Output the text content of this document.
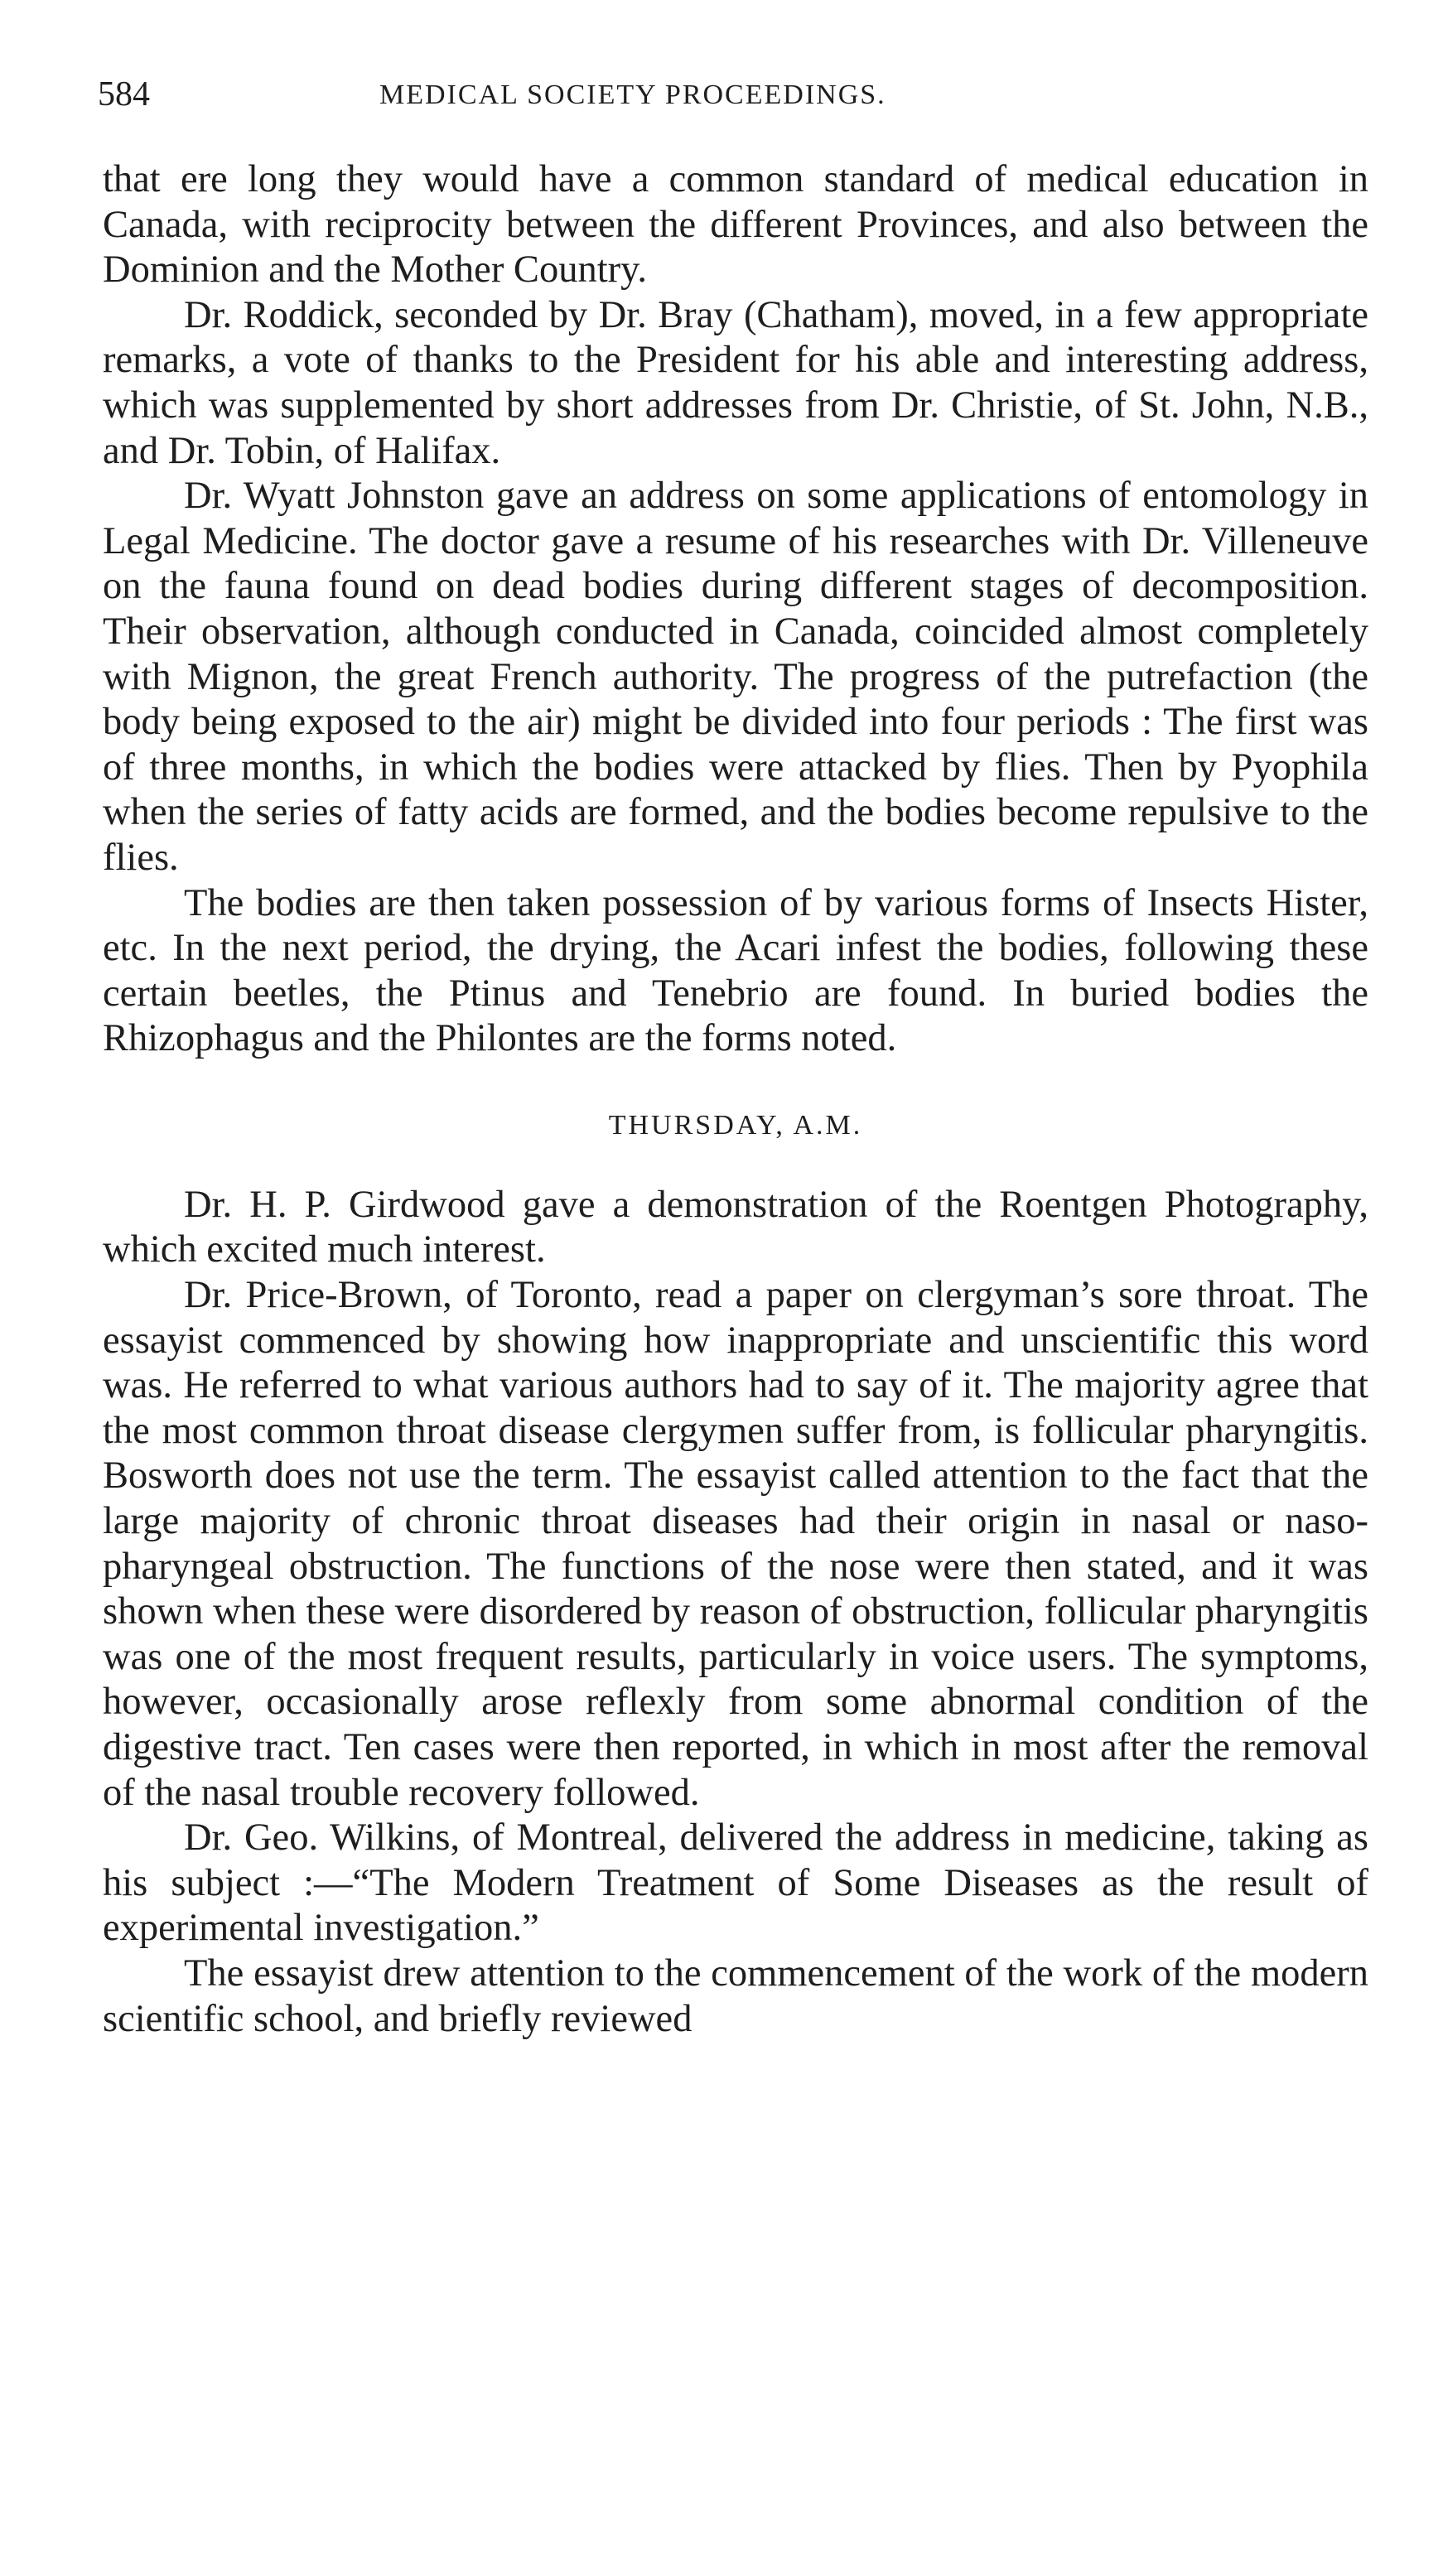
584	MEDICAL SOCIETY PROCEEDINGS.

that ere long they would have a common standard of medical education in Canada, with reciprocity between the different Provinces, and also between the Dominion and the Mother Country.

Dr. Roddick, seconded by Dr. Bray (Chatham), moved, in a few appropriate remarks, a vote of thanks to the President for his able and interesting address, which was supplemented by short addresses from Dr. Christie, of St. John, N.B., and Dr. Tobin, of Halifax.

Dr. Wyatt Johnston gave an address on some applications of entomology in Legal Medicine. The doctor gave a resume of his researches with Dr. Villeneuve on the fauna found on dead bodies during different stages of decomposition. Their observation, although conducted in Canada, coincided almost completely with Mignon, the great French authority. The progress of the putrefaction (the body being exposed to the air) might be divided into four periods : The first was of three months, in which the bodies were attacked by flies. Then by Pyophila when the series of fatty acids are formed, and the bodies become repulsive to the flies.

The bodies are then taken possession of by various forms of Insects Hister, etc. In the next period, the drying, the Acari infest the bodies, following these certain beetles, the Ptinus and Tenebrio are found. In buried bodies the Rhizophagus and the Philontes are the forms noted.

THURSDAY, A.M.

Dr. H. P. Girdwood gave a demonstration of the Roentgen Photography, which excited much interest.

Dr. Price-Brown, of Toronto, read a paper on clergyman’s sore throat. The essayist commenced by showing how inappropriate and unscientific this word was. He referred to what various authors had to say of it. The majority agree that the most common throat disease clergymen suffer from, is follicular pharyngitis. Bosworth does not use the term. The essayist called attention to the fact that the large majority of chronic throat diseases had their origin in nasal or naso-pharyngeal obstruction. The functions of the nose were then stated, and it was shown when these were disordered by reason of obstruction, follicular pharyngitis was one of the most frequent results, particularly in voice users. The symptoms, however, occasionally arose reflexly from some abnormal condition of the digestive tract. Ten cases were then reported, in which in most after the removal of the nasal trouble recovery followed.

Dr. Geo. Wilkins, of Montreal, delivered the address in medicine, taking as his subject :—“The Modern Treatment of Some Diseases as the result of experimental investigation.”

The essayist drew attention to the commencement of the work of the modern scientific school, and briefly reviewed
